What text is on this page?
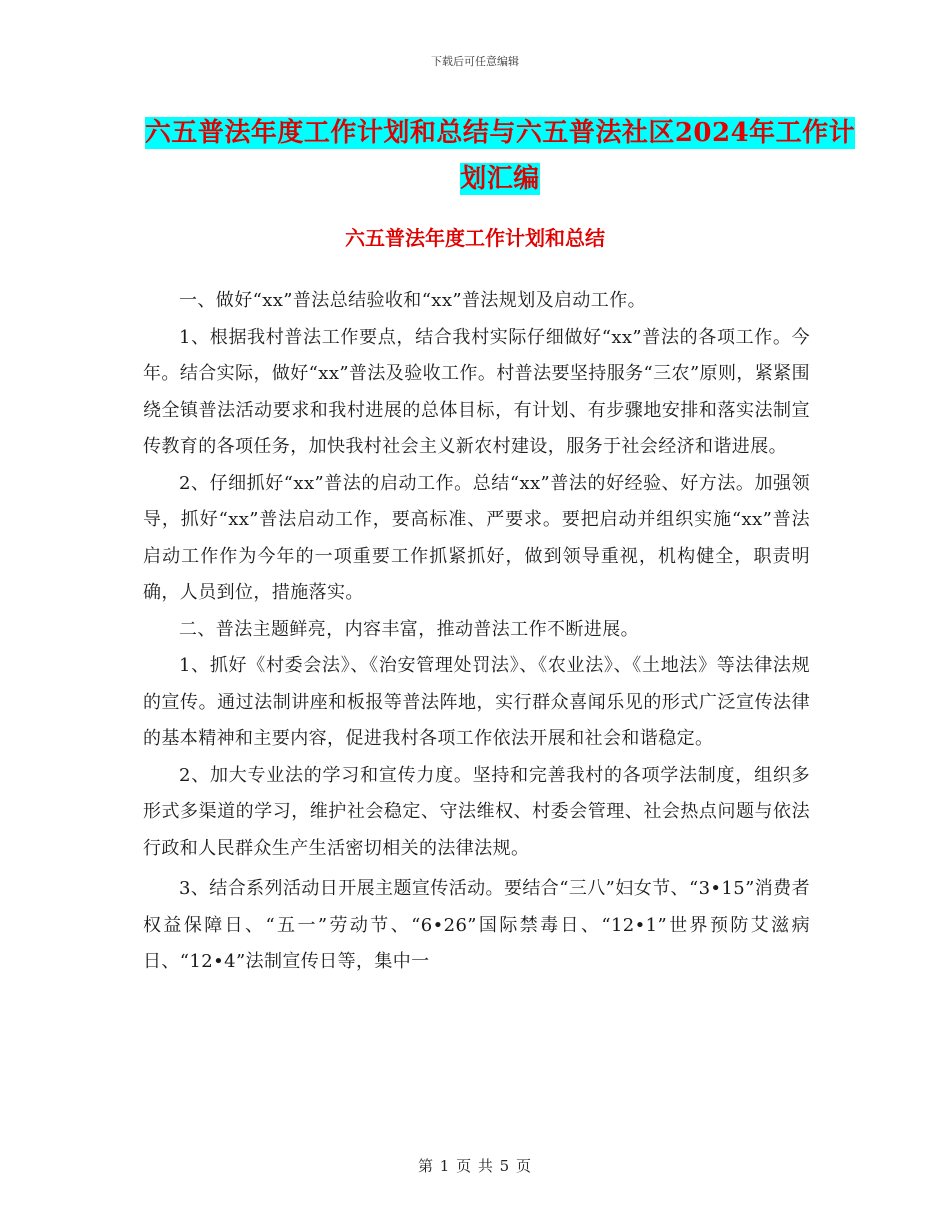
下载后可任意编辑
六五普法年度工作计划和总结与六五普法社区2024年工作计划汇编
六五普法年度工作计划和总结

一、做好“xx”普法总结验收和“xx”普法规划及启动工作。

1、根据我村普法工作要点，结合我村实际仔细做好“xx”普法的各项工作。今年。结合实际，做好“xx”普法及验收工作。村普法要坚持服务“三农”原则，紧紧围绕全镇普法活动要求和我村进展的总体目标，有计划、有步骤地安排和落实法制宣传教育的各项任务，加快我村社会主义新农村建设，服务于社会经济和谐进展。

2、仔细抓好“xx”普法的启动工作。总结“xx”普法的好经验、好方法。加强领导，抓好“xx”普法启动工作，要高标准、严要求。要把启动并组织实施“xx”普法启动工作作为今年的一项重要工作抓紧抓好，做到领导重视，机构健全，职责明确，人员到位，措施落实。

二、普法主题鲜亮，内容丰富，推动普法工作不断进展。

1、抓好《村委会法》、《治安管理处罚法》、《农业法》、《土地法》等法律法规的宣传。通过法制讲座和板报等普法阵地，实行群众喜闻乐见的形式广泛宣传法律的基本精神和主要内容，促进我村各项工作依法开展和社会和谐稳定。

2、加大专业法的学习和宣传力度。坚持和完善我村的各项学法制度，组织多形式多渠道的学习，维护社会稳定、守法维权、村委会管理、社会热点问题与依法行政和人民群众生产生活密切相关的法律法规。

3、结合系列活动日开展主题宣传活动。要结合“三八”妇女节、“3•15”消费者权益保障日、“五一”劳动节、“6•26”国际禁毒日、“12•1”世界预防艾滋病日、“12•4”法制宣传日等，集中一

第 1 页 共 5 页
